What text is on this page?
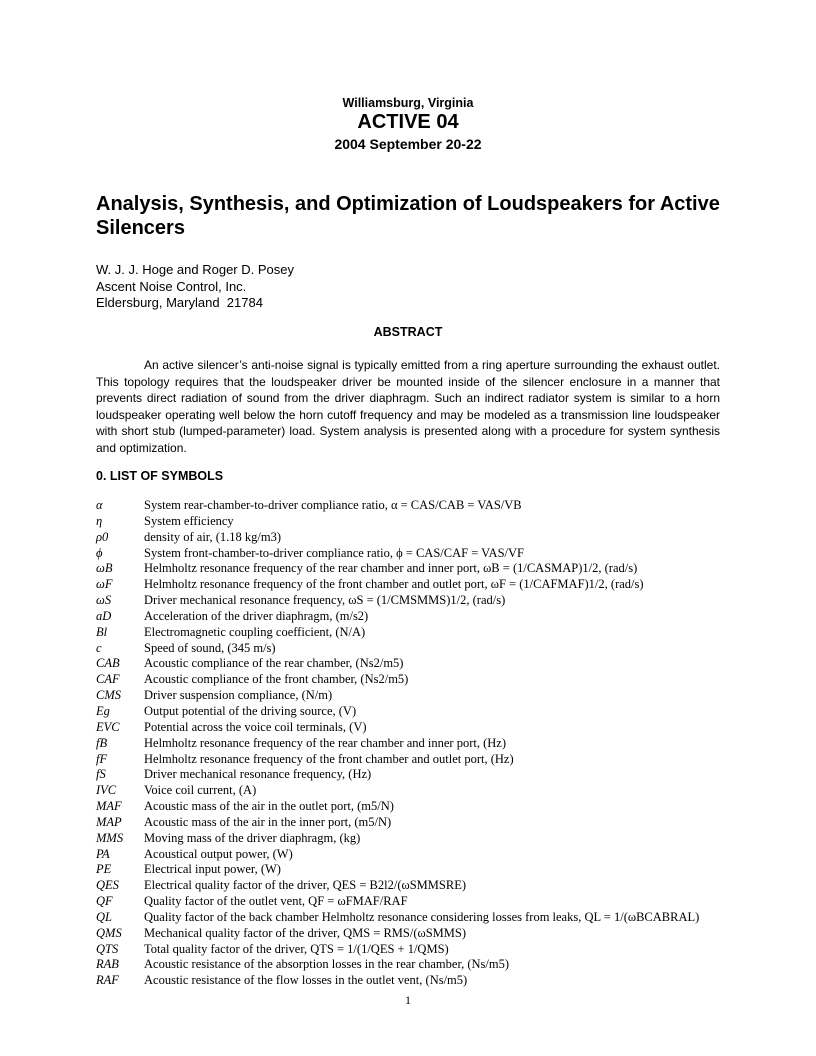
Williamsburg, Virginia
ACTIVE 04
2004 September 20-22
Analysis, Synthesis, and Optimization of Loudspeakers for Active Silencers
W. J. J. Hoge and Roger D. Posey
Ascent Noise Control, Inc.
Eldersburg, Maryland  21784
ABSTRACT
An active silencer’s anti-noise signal is typically emitted from a ring aperture surrounding the exhaust outlet. This topology requires that the loudspeaker driver be mounted inside of the silencer enclosure in a manner that prevents direct radiation of sound from the driver diaphragm. Such an indirect radiator system is similar to a horn loudspeaker operating well below the horn cutoff frequency and may be modeled as a transmission line loudspeaker with short stub (lumped-parameter) load. System analysis is presented along with a procedure for system synthesis and optimization.
0. LIST OF SYMBOLS
α	System rear-chamber-to-driver compliance ratio, α = CAS/CAB = VAS/VB
η	System efficiency
ρ0	density of air, (1.18 kg/m3)
ϕ	System front-chamber-to-driver compliance ratio, ϕ = CAS/CAF = VAS/VF
ωB	Helmholtz resonance frequency of the rear chamber and inner port, ωB = (1/CASMAP)1/2, (rad/s)
ωF	Helmholtz resonance frequency of the front chamber and outlet port, ωF = (1/CAFMAF)1/2, (rad/s)
ωS	Driver mechanical resonance frequency, ωS = (1/CMSMMS)1/2, (rad/s)
aD	Acceleration of the driver diaphragm, (m/s2)
Bl	Electromagnetic coupling coefficient, (N/A)
c	Speed of sound, (345 m/s)
CAB	Acoustic compliance of the rear chamber, (Ns2/m5)
CAF	Acoustic compliance of the front chamber, (Ns2/m5)
CMS	Driver suspension compliance, (N/m)
Eg	Output potential of the driving source, (V)
EVC	Potential across the voice coil terminals, (V)
fB	Helmholtz resonance frequency of the rear chamber and inner port, (Hz)
fF	Helmholtz resonance frequency of the front chamber and outlet port, (Hz)
fS	Driver mechanical resonance frequency, (Hz)
IVC	Voice coil current, (A)
MAF	Acoustic mass of the air in the outlet port, (m5/N)
MAP	Acoustic mass of the air in the inner port, (m5/N)
MMS	Moving mass of the driver diaphragm, (kg)
PA	Acoustical output power, (W)
PE	Electrical input power, (W)
QES	Electrical quality factor of the driver, QES = B2l2/(ωSMMSRE)
QF	Quality factor of the outlet vent, QF = ωFMAF/RAF
QL	Quality factor of the back chamber Helmholtz resonance considering losses from leaks, QL = 1/(ωBCABRAL)
QMS	Mechanical quality factor of the driver, QMS = RMS/(ωSMMS)
QTS	Total quality factor of the driver, QTS = 1/(1/QES + 1/QMS)
RAB	Acoustic resistance of the absorption losses in the rear chamber, (Ns/m5)
RAF	Acoustic resistance of the flow losses in the outlet vent, (Ns/m5)
1
